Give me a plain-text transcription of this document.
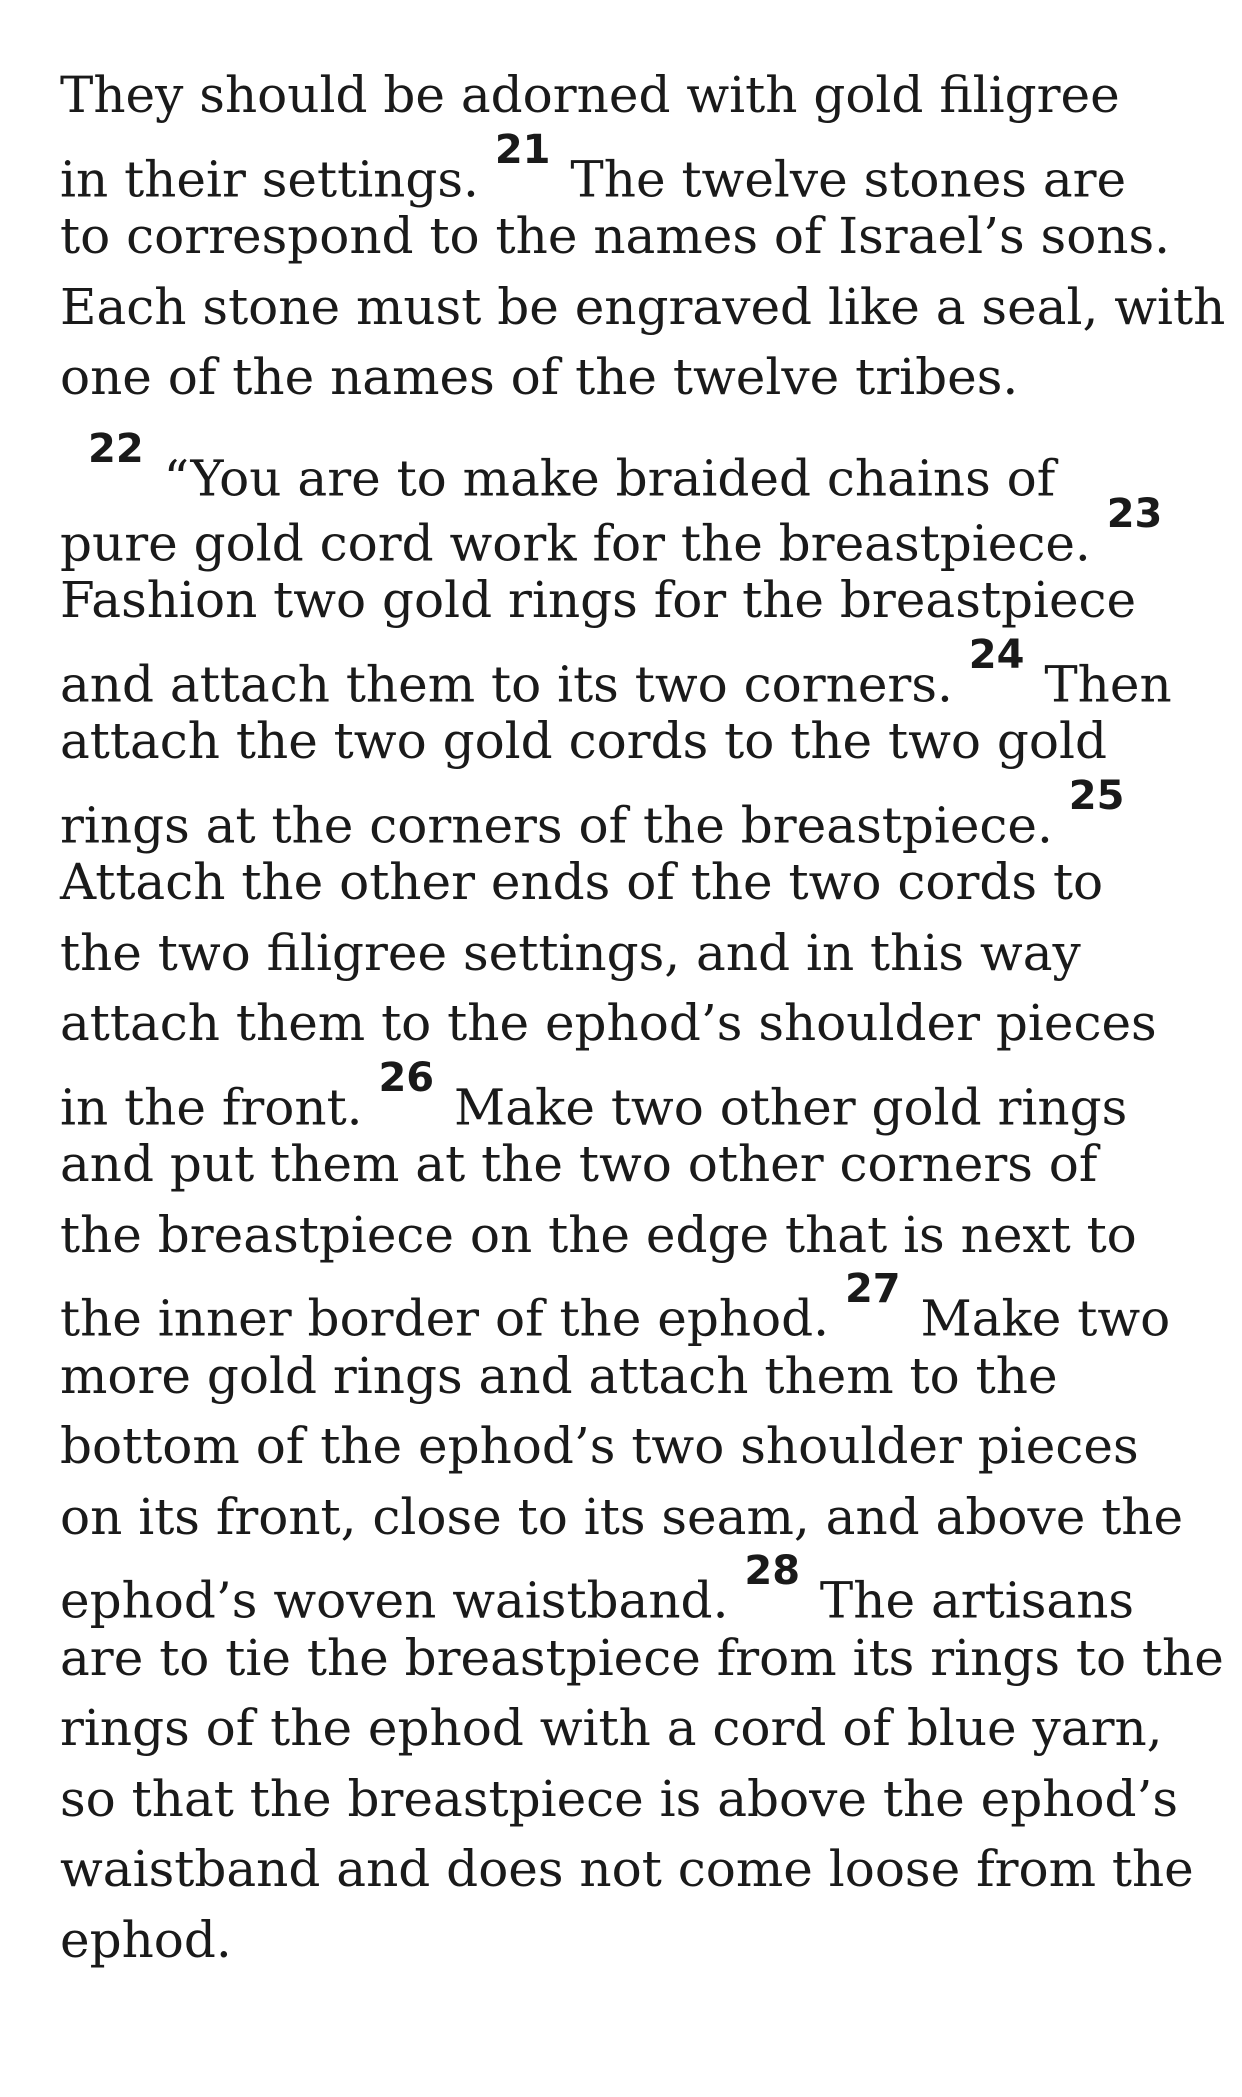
They should be adorned with gold filigree
in their settings. $^{21}$ The twelve stones are
to correspond to the names of Israel’s sons.
Each stone must be engraved like a seal, with
one of the names of the twelve tribes.
$^{22}$ “You are to make braided chains of
pure gold cord work for the breastpiece. $^{23}$
Fashion two gold rings for the breastpiece
and attach them to its two corners. $^{24}$ Then
attach the two gold cords to the two gold
rings at the corners of the breastpiece. $^{25}$
Attach the other ends of the two cords to
the two filigree settings, and in this way
attach them to the ephod’s shoulder pieces
in the front. $^{26}$ Make two other gold rings
and put them at the two other corners of
the breastpiece on the edge that is next to
the inner border of the ephod. $^{27}$ Make two
more gold rings and attach them to the
bottom of the ephod’s two shoulder pieces
on its front, close to its seam, and above the
ephod’s woven waistband. $^{28}$ The artisans
are to tie the breastpiece from its rings to the
rings of the ephod with a cord of blue yarn,
so that the breastpiece is above the ephod’s
waistband and does not come loose from the
ephod.
